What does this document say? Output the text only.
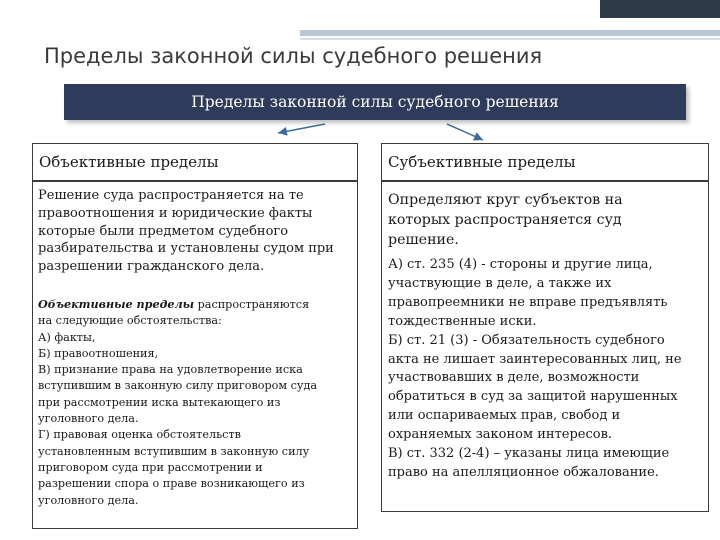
Пределы законной силы судебного решения
Пределы законной силы судебного решения
Объективные пределы	Субъективные пределы
Решение суда распространяется на те
правоотношения и юридические факты
которые были предметом судебного
разбирательства и установлены судом при
разрешении гражданского дела.
Объективные пределы распространяются
на следующие обстоятельства:
А) факты,
Б) правоотношения,
В) признание права на удовлетворение иска
вступившим в законную силу приговором суда
при рассмотрении иска вытекающего из
уголовного дела.
Г) правовая оценка обстоятельств
установленным вступившим в законную силу
приговором суда при рассмотрении и
разрешении спора о праве возникающего из
уголовного дела.
Определяют круг субъектов на
которых распространяется суд
решение.
А) ст. 235 (4) - стороны и другие лица,
участвующие в деле, а также их
правопреемники не вправе предъявлять
тождественные иски.
Б) ст. 21 (3) - Обязательность судебного
акта не лишает заинтересованных лиц, не
участвовавших в деле, возможности
обратиться в суд за защитой нарушенных
или оспариваемых прав, свобод и
охраняемых законом интересов.
В) ст. 332 (2-4) – указаны лица имеющие
право на апелляционное обжалование.
